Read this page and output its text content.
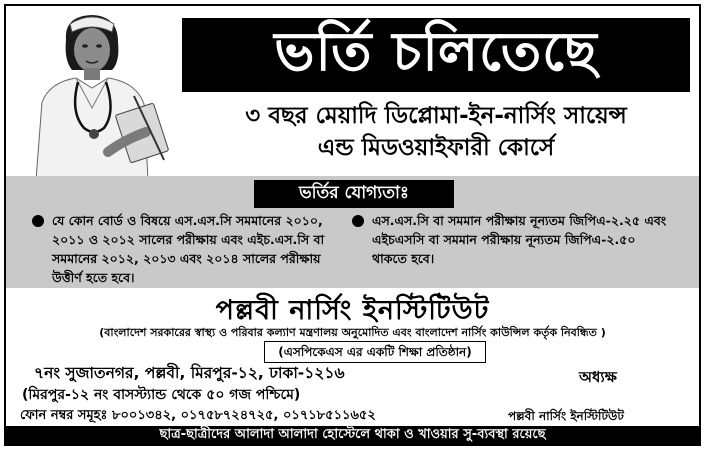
ভর্তি চলিতেছে
৩ বছর মেয়াদি ডিপ্লোমা-ইন-নার্সিং সায়েন্স
এন্ড মিডওয়াইফারী কোর্সে
ভর্তির যোগ্যতাঃ
যে কোন বোর্ড ও বিষয়ে এস.এস.সি সমমানের ২০১০, ২০১১ ও ২০১২ সালের পরীক্ষায় এবং এইচ.এস.সি বা সমমানের ২০১২, ২০১৩ এবং ২০১৪ সালের পরীক্ষায় উত্তীর্ণ হতে হবে।
এস.এস.সি বা সমমান পরীক্ষায় নূন্যতম জিপিএ-২.২৫ এবং এইচএসসি বা সমমান পরীক্ষায় নূন্যতম জিপিএ-২.৫০ থাকতে হবে।
পল্লবী নার্সিং ইনস্টিটিউট
(বাংলাদেশ সরকারের স্বাস্থ্য ও পরিবার কল্যাণ মন্ত্রণালয় অনুমোদিত এবং বাংলাদেশ নার্সিং কাউন্সিল কর্তৃক নিবন্ধিত )
(এসপিকেএস এর একটি শিক্ষা প্রতিষ্ঠান)
৭নং সুজাতনগর, পল্লবী, মিরপুর-১২, ঢাকা-১২১৬
(মিরপুর-১২ নং বাসস্ট্যান্ড থেকে ৫০ গজ পশ্চিমে)
ফোন নম্বর সমূহঃ ৮০০১৩৪২, ০১৭৫৮৭২৪৭২৫, ০১৭১৮৫১১৬৫২
অধ্যক্ষ
পল্লবী নার্সিং ইনস্টিটিউট
ছাত্র-ছাত্রীদের আলাদা আলাদা হোস্টেলে থাকা ও খাওয়ার সু-ব্যবস্থা রয়েছে
